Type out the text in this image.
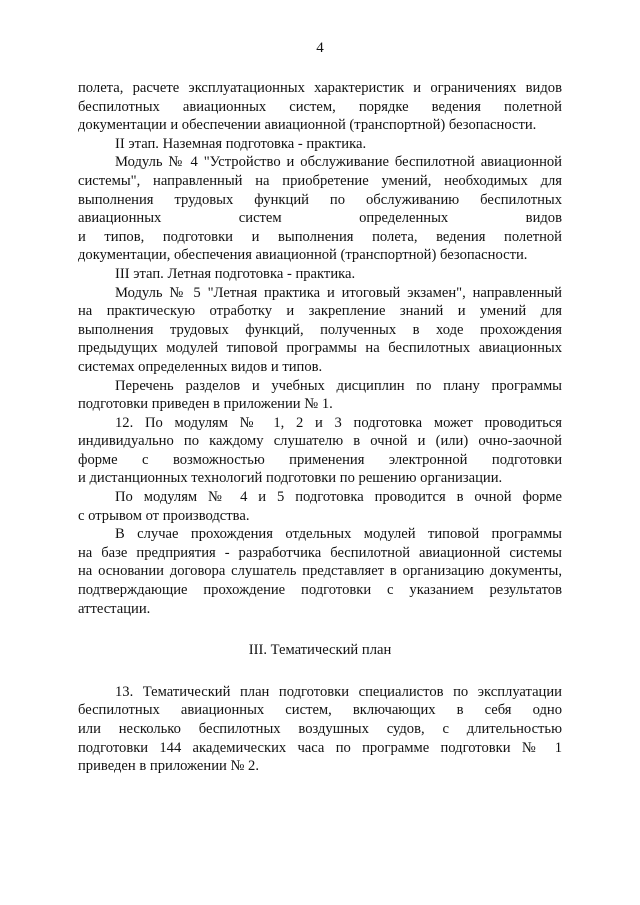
4
полета, расчете эксплуатационных характеристик и ограничениях видов
беспилотных авиационных систем, порядке ведения полетной
документации и обеспечении авиационной (транспортной) безопасности.
II этап. Наземная подготовка - практика.
Модуль № 4 "Устройство и обслуживание беспилотной авиационной
системы", направленный на приобретение умений, необходимых для
выполнения трудовых функций по обслуживанию беспилотных
авиационных систем определенных видов
и типов, подготовки и выполнения полета, ведения полетной
документации, обеспечения авиационной (транспортной) безопасности.
III этап. Летная подготовка - практика.
Модуль № 5 "Летная практика и итоговый экзамен", направленный
на практическую отработку и закрепление знаний и умений для
выполнения трудовых функций, полученных в ходе прохождения
предыдущих модулей типовой программы на беспилотных авиационных
системах определенных видов и типов.
Перечень разделов и учебных дисциплин по плану программы
подготовки приведен в приложении № 1.
12. По модулям № 1, 2 и 3 подготовка может проводиться
индивидуально по каждому слушателю в очной и (или) очно-заочной
форме с возможностью применения электронной подготовки
и дистанционных технологий подготовки по решению организации.
По модулям № 4 и 5 подготовка проводится в очной форме
с отрывом от производства.
В случае прохождения отдельных модулей типовой программы
на базе предприятия - разработчика беспилотной авиационной системы
на основании договора слушатель представляет в организацию документы,
подтверждающие прохождение подготовки с указанием результатов
аттестации.
III. Тематический план
13. Тематический план подготовки специалистов по эксплуатации
беспилотных авиационных систем, включающих в себя одно
или несколько беспилотных воздушных судов, с длительностью
подготовки 144 академических часа по программе подготовки № 1
приведен в приложении № 2.
